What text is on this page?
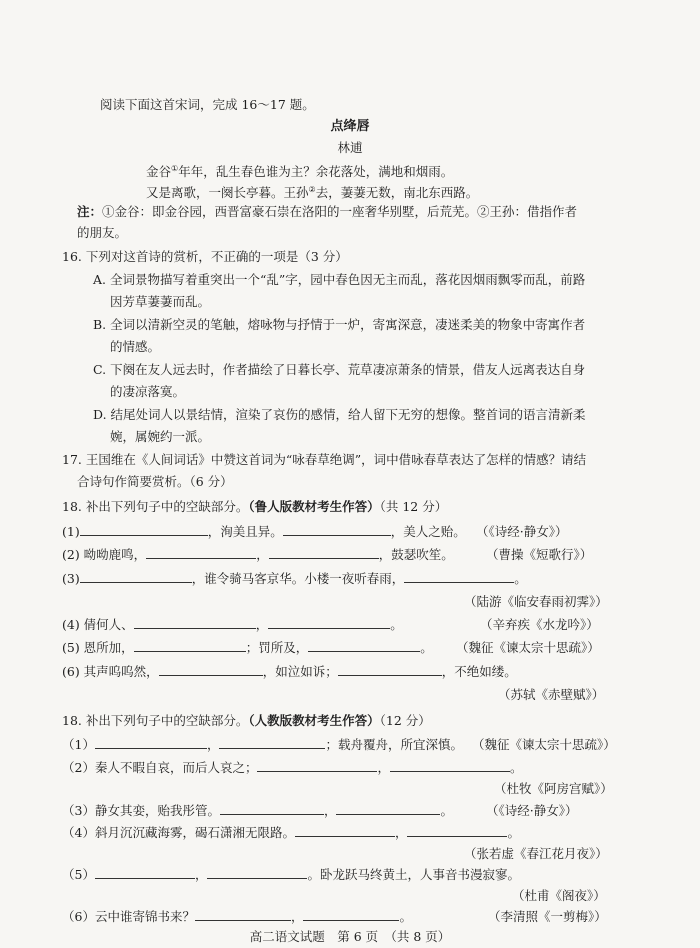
阅读下面这首宋词，完成 16～17 题。
点绛唇
林逋
金谷①年年，乱生春色谁为主？余花落处，满地和烟雨。
又是离歌，一阕长亭暮。王孙②去，萋萋无数，南北东西路。
注：①金谷：即金谷园，西晋富豪石崇在洛阳的一座奢华别墅，后荒芜。②王孙：借指作者
的朋友。
16. 下列对这首诗的赏析，不正确的一项是（3 分）
A. 全词景物描写着重突出一个“乱”字，园中春色因无主而乱，落花因烟雨飘零而乱，前路
因芳草萋萋而乱。
B. 全词以清新空灵的笔触，熔咏物与抒情于一炉，寄寓深意，凄迷柔美的物象中寄寓作者
的情感。
C. 下阕在友人远去时，作者描绘了日暮长亭、荒草凄凉萧条的情景，借友人远离表达自身
的凄凉落寞。
D. 结尾处词人以景结情，渲染了哀伤的感情，给人留下无穷的想像。整首词的语言清新柔
婉，属婉约一派。
17. 王国维在《人间词话》中赞这首词为“咏春草绝调”，词中借咏春草表达了怎样的情感？请结
合诗句作简要赏析。（6 分）
18. 补出下列句子中的空缺部分。（鲁人版教材考生作答）（共 12 分）
(1)	，洵美且异。	，美人之贻。 （《诗经·静女》）
(2) 呦呦鹿鸣，	，	，鼓瑟吹笙。	（曹操《短歌行》）
(3)	，谁令骑马客京华。小楼一夜听春雨，	。
（陆游《临安春雨初霁》）
(4) 倩何人、	，	。	（辛弃疾《水龙吟》）
(5) 恩所加，	；罚所及，	。 （魏征《谏太宗十思疏》）
(6) 其声呜呜然，	，如泣如诉；	，不绝如缕。
（苏轼《赤壁赋》）
18. 补出下列句子中的空缺部分。（人教版教材考生作答）（12 分）
（1）	，	；载舟覆舟，所宜深慎。 （魏征《谏太宗十思疏》）
（2）秦人不暇自哀，而后人哀之；	，	。
（杜牧《阿房宫赋》）
（3）静女其娈，贻我彤管。	，	。	（《诗经·静女》）
（4）斜月沉沉藏海雾，碣石潇湘无限路。	，	。
（张若虚《春江花月夜》）
高二语文试题　第 6 页　（共 8 页）
（5）	，	。卧龙跃马终黄土，人事音书漫寂寥。
（杜甫《阁夜》）
（6）云中谁寄锦书来？	，	。	（李清照《一剪梅》）
